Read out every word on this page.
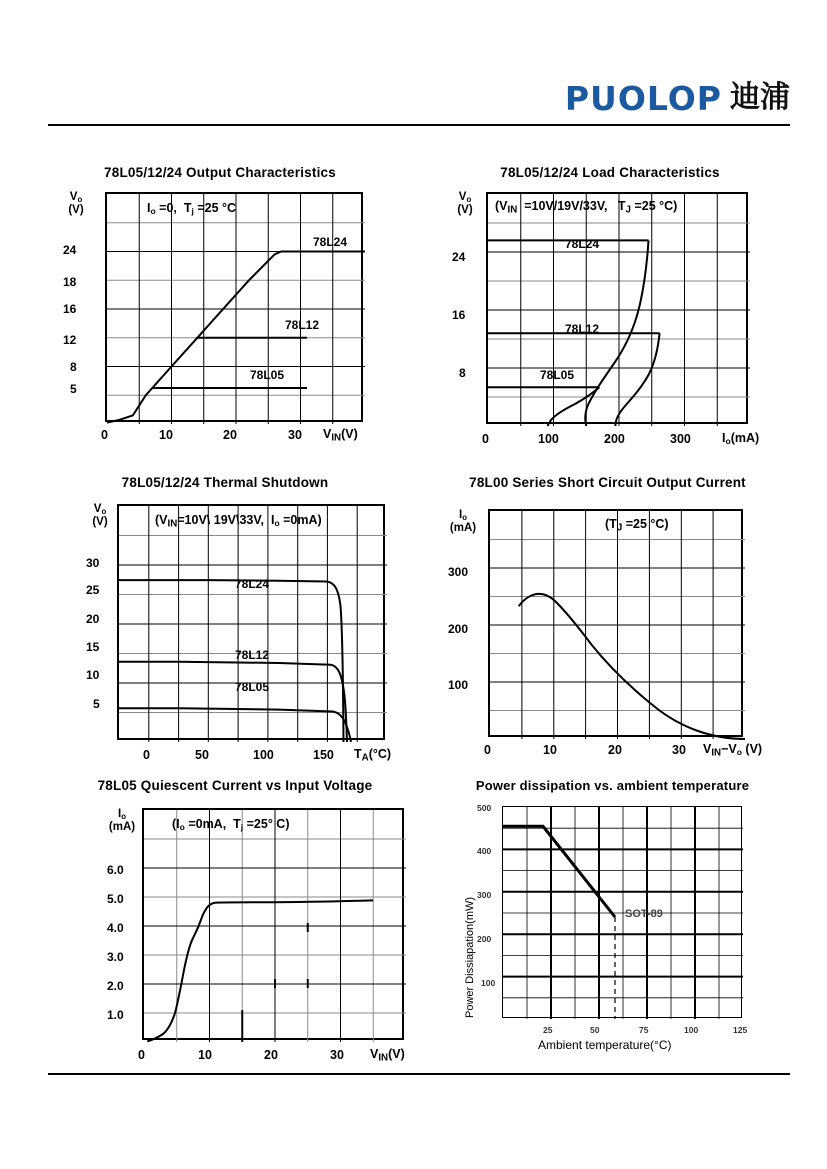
PUOLOP 迪浦
78L05/12/24 Output Characteristics
$V_o$
(V)
24
18
16
12
8
5
$I_o =0$,  $T_j =25$ °C
78L24
78L12
78L05
0	10	20	30 $V_{IN}(V)$
78L05/12/24 Load Characteristics
$V_o$
(V)
24
16
8
($V_{IN} =10V/19V/33V$,   $T_J =25$ °C)
78L24
78L12
78L05
0	100	200	300 $I_o(mA)$
78L05/12/24 Thermal Shutdown
$V_o$
(V)
30
25
20
15
10
5
($V_{IN}=10V\backslash$ 19V\33V,  $I_o =0mA$)
78L24
78L12
78L05
0	50	100	150 $T_A(^\circ C)$
78L00 Series Short Circuit Output Current
$I_o$
(mA)
300
200
100
($T_J =25$ °C)
0	10	20	30 $V_{IN}-V_o$ (V)
78L05 Quiescent Current vs Input Voltage
$I_o$
(mA)
6.0
5.0
4.0
3.0
2.0
1.0
($I_o =0mA$,  $T_j =25^\circ$ C)
0	10	20	30 $V_{IN}(V)$
Power dissipation vs. ambient temperature
Power Dissiapation(mW)
500
400
300
200
100
SOT-89
25	50	75	100	125
Ambient temperature(°C)
